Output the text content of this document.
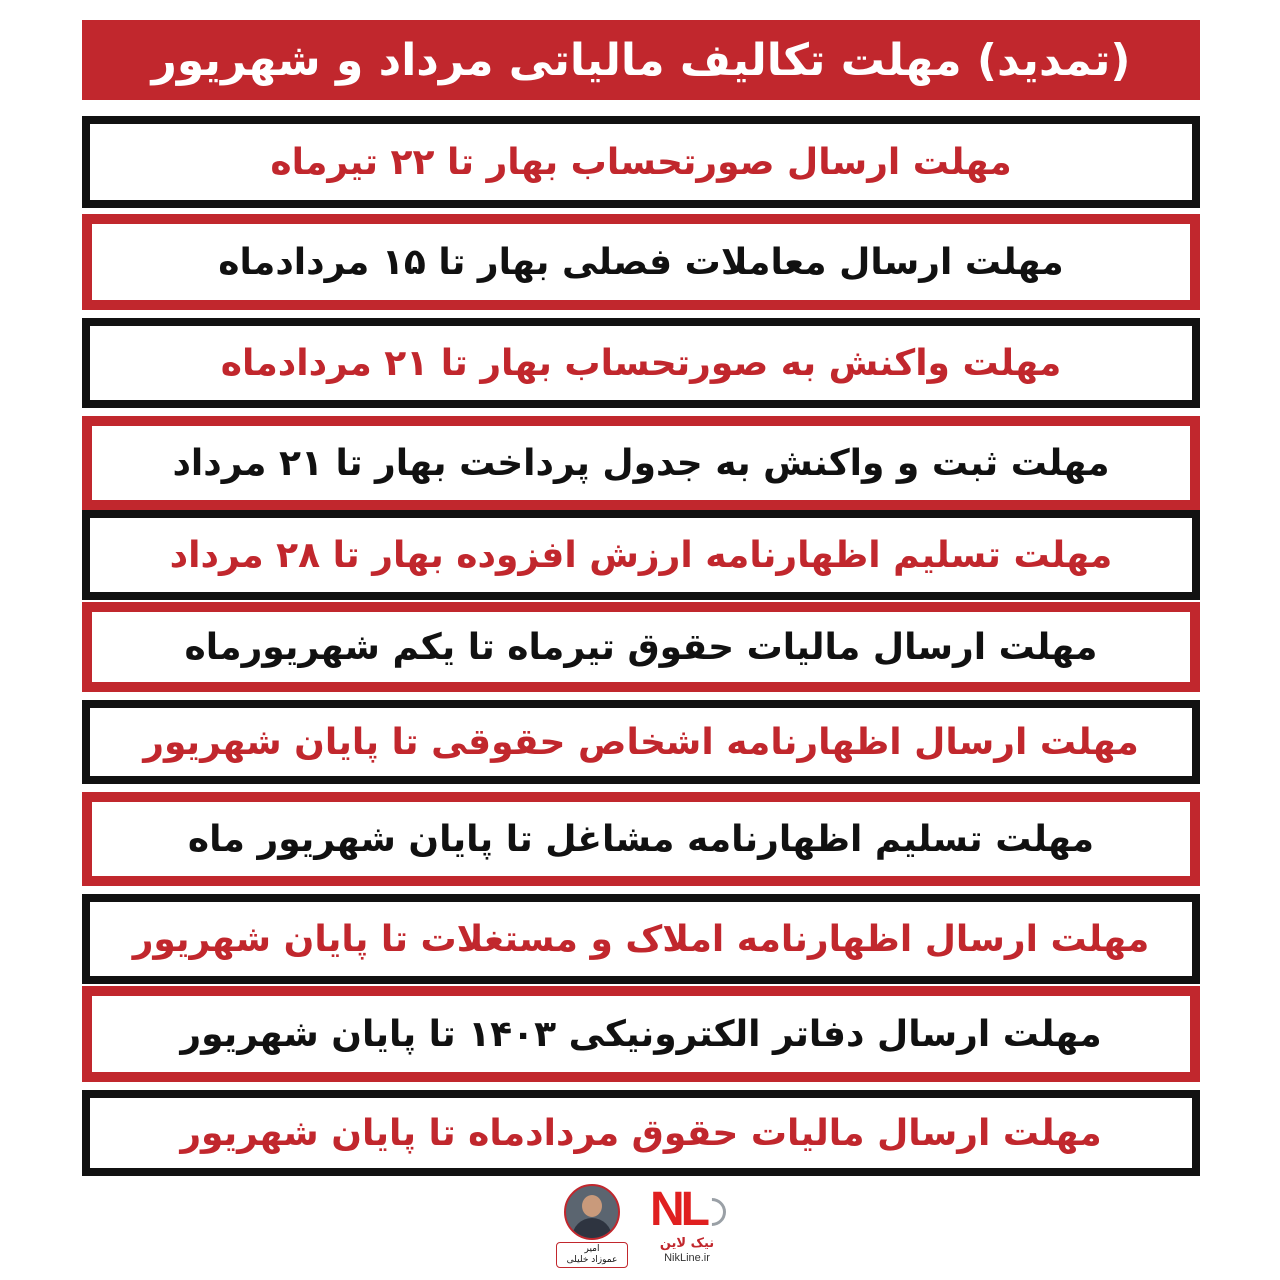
(تمدید) مهلت تکالیف مالیاتی مرداد و شهریور
مهلت ارسال صورتحساب بهار تا ۲۲ تیرماه
مهلت ارسال معاملات فصلی بهار تا ۱۵ مردادماه
مهلت واکنش به صورتحساب بهار تا ۲۱ مردادماه
مهلت ثبت و واکنش به جدول پرداخت بهار تا ۲۱ مرداد
مهلت تسلیم اظهارنامه ارزش افزوده بهار تا ۲۸ مرداد
مهلت ارسال مالیات حقوق تیرماه تا یکم شهریورماه
مهلت ارسال اظهارنامه اشخاص حقوقی تا پایان شهریور
مهلت تسلیم اظهارنامه مشاغل تا پایان شهریور ماه
مهلت ارسال اظهارنامه املاک و مستغلات تا پایان شهریور
مهلت ارسال دفاتر الکترونیکی ۱۴۰۳ تا پایان شهریور
مهلت ارسال مالیات حقوق مردادماه تا پایان شهریور
امیر
عموزاد خلیلی
NL
نیک لاین
NikLine.ir
